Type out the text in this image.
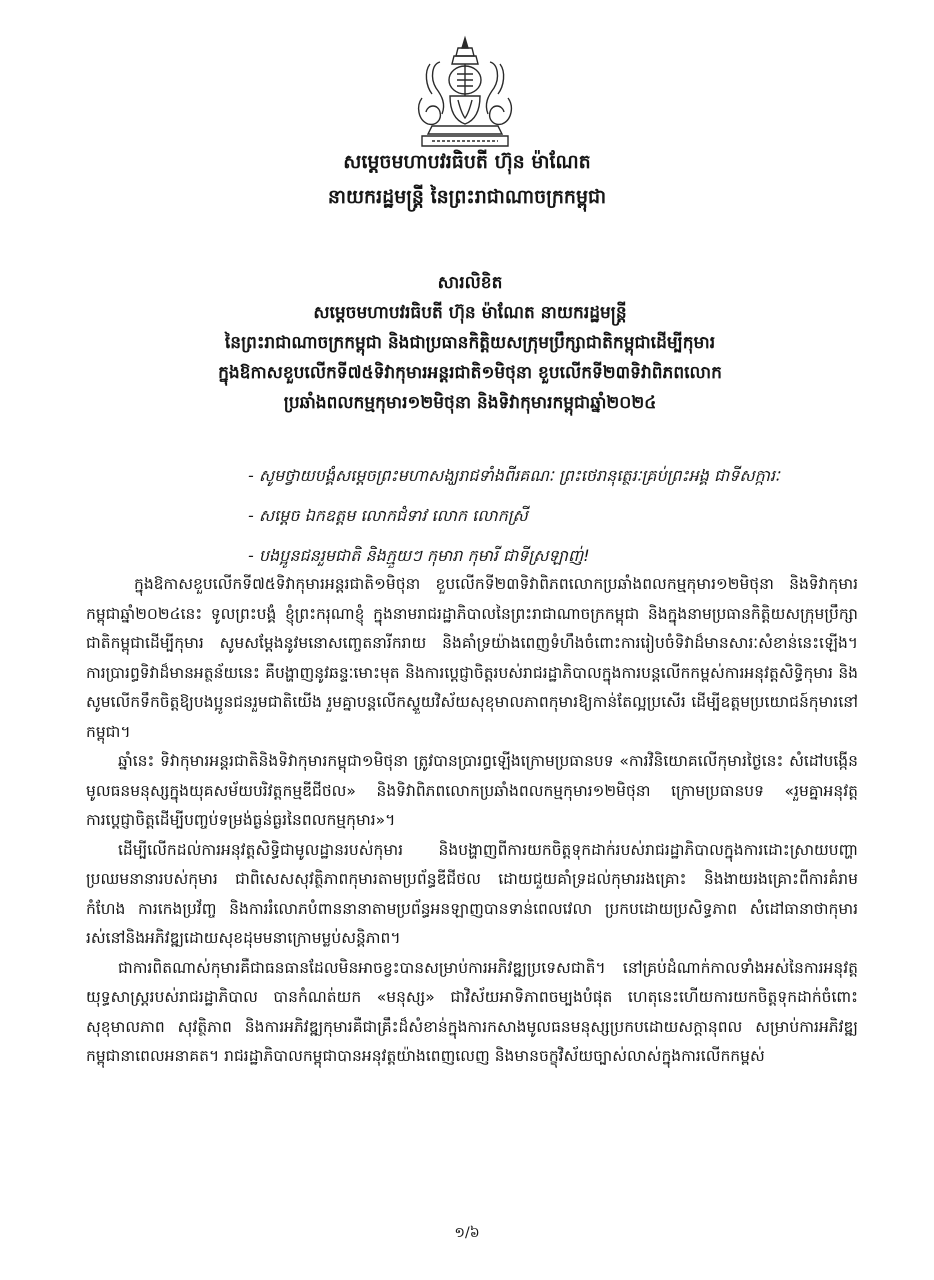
សម្តេចមហាបវរធិបតី ហ៊ុន ម៉ាណែត
នាយករដ្ឋមន្ត្រី នៃព្រះរាជាណាចក្រកម្ពុជា
សារលិខិត
សម្តេចមហាបវរធិបតី ហ៊ុន ម៉ាណែត នាយករដ្ឋមន្ត្រី
នៃព្រះរាជាណាចក្រកម្ពុជា និងជាប្រធានកិត្តិយសក្រុមប្រឹក្សាជាតិកម្ពុជាដើម្បីកុមារ
ក្នុងឱកាសខួបលើកទី៧៥ទិវាកុមារអន្តរជាតិ១មិថុនា ខួបលើកទី២៣ទិវាពិភពលោក
ប្រឆាំងពលកម្មកុមារ១២មិថុនា និងទិវាកុមារកម្ពុជាឆ្នាំ២០២៤
- សូមថ្វាយបង្គំសម្តេចព្រះមហាសង្ឃរាជទាំងពីរគណៈ ព្រះថេរានុត្ថេរៈគ្រប់ព្រះអង្គ ជាទីសក្ការៈ
- សម្តេច ឯកឧត្តម លោកជំទាវ លោក លោកស្រី
- បងប្អូនជនរួមជាតិ និងក្មួយៗ កុមារា កុមារី ជាទីស្រឡាញ់!

ក្នុងឱកាសខួបលើកទី៧៥ទិវាកុមារអន្តរជាតិ១មិថុនា ខួបលើកទី២៣ទិវាពិភពលោកប្រឆាំងពលកម្មកុមារ១២មិថុនា និងទិវាកុមារកម្ពុជាឆ្នាំ២០២៤នេះ ទូលព្រះបង្គំ ខ្ញុំព្រះករុណាខ្ញុំ ក្នុងនាមរាជរដ្ឋាភិបាលនៃព្រះរាជាណាចក្រកម្ពុជា និងក្នុងនាមប្រធានកិត្តិយសក្រុមប្រឹក្សាជាតិកម្ពុជាដើម្បីកុមារ សូមសម្តែងនូវមនោសញ្ចេតនារីករាយ និងគាំទ្រយ៉ាងពេញទំហឹងចំពោះការរៀបចំទិវាដ៏មានសារៈសំខាន់នេះឡើង។ ការប្រារព្ធទិវាដ៏មានអត្ថន័យនេះ គឺបង្ហាញនូវឆន្ទៈមោះមុត និងការប្តេជ្ញាចិត្តរបស់រាជរដ្ឋាភិបាលក្នុងការបន្តលើកកម្ពស់ការអនុវត្តសិទ្ធិកុមារ និងសូមលើកទឹកចិត្តឱ្យបងប្អូនជនរួមជាតិយើង រួមគ្នាបន្តលើកស្ទួយវិស័យសុខុមាលភាពកុមារឱ្យកាន់តែល្អប្រសើរ ដើម្បីឧត្តមប្រយោជន៍កុមារនៅកម្ពុជា។

ឆ្នាំនេះ ទិវាកុមារអន្តរជាតិនិងទិវាកុមារកម្ពុជា១មិថុនា ត្រូវបានប្រារព្ធឡើងក្រោមប្រធានបទ «ការវិនិយោគលើកុមារថ្ងៃនេះ សំដៅបង្កើនមូលធនមនុស្សក្នុងយុគសម័យបរិវត្តកម្មឌីជីថល» និងទិវាពិភពលោកប្រឆាំងពលកម្មកុមារ១២មិថុនា ក្រោមប្រធានបទ «រួមគ្នាអនុវត្តការប្តេជ្ញាចិត្តដើម្បីបញ្ចប់ទម្រង់ធ្ងន់ធ្ងរនៃពលកម្មកុមារ»។

ដើម្បីលើកដល់ការអនុវត្តសិទ្ធិជាមូលដ្ឋានរបស់កុមារ និងបង្ហាញពីការយកចិត្តទុកដាក់របស់រាជរដ្ឋាភិបាលក្នុងការដោះស្រាយបញ្ហាប្រឈមនានារបស់កុមារ ជាពិសេសសុវត្ថិភាពកុមារតាមប្រព័ន្ធឌីជីថល ដោយជួយគាំទ្រដល់កុមាររងគ្រោះ និងងាយរងគ្រោះពីការគំរាមកំហែង ការកេងប្រវ័ញ្ច និងការរំលោភបំពាននានាតាមប្រព័ន្ធអនឡាញបានទាន់ពេលវេលា ប្រកបដោយប្រសិទ្ធភាព សំដៅធានាថាកុមាររស់នៅនិងអភិវឌ្ឍដោយសុខដុមមនាក្រោមម្លប់សន្តិភាព។

ជាការពិតណាស់កុមារគឺជាធនធានដែលមិនអាចខ្វះបានសម្រាប់ការអភិវឌ្ឍប្រទេសជាតិ។ នៅគ្រប់ដំណាក់កាលទាំងអស់នៃការអនុវត្តយុទ្ធសាស្ត្ររបស់រាជរដ្ឋាភិបាល បានកំណត់យក «មនុស្ស» ជាវិស័យអាទិភាពចម្បងបំផុត ហេតុនេះហើយការយកចិត្តទុកដាក់ចំពោះសុខុមាលភាព សុវត្ថិភាព និងការអភិវឌ្ឍកុមារគឺជាគ្រឹះដ៏សំខាន់ក្នុងការកសាងមូលធនមនុស្សប្រកបដោយសក្តានុពល សម្រាប់ការអភិវឌ្ឍកម្ពុជានាពេលអនាគត។ រាជរដ្ឋាភិបាលកម្ពុជាបានអនុវត្តយ៉ាងពេញលេញ និងមានចក្ខុវិស័យច្បាស់លាស់ក្នុងការលើកកម្ពស់

១/៦
